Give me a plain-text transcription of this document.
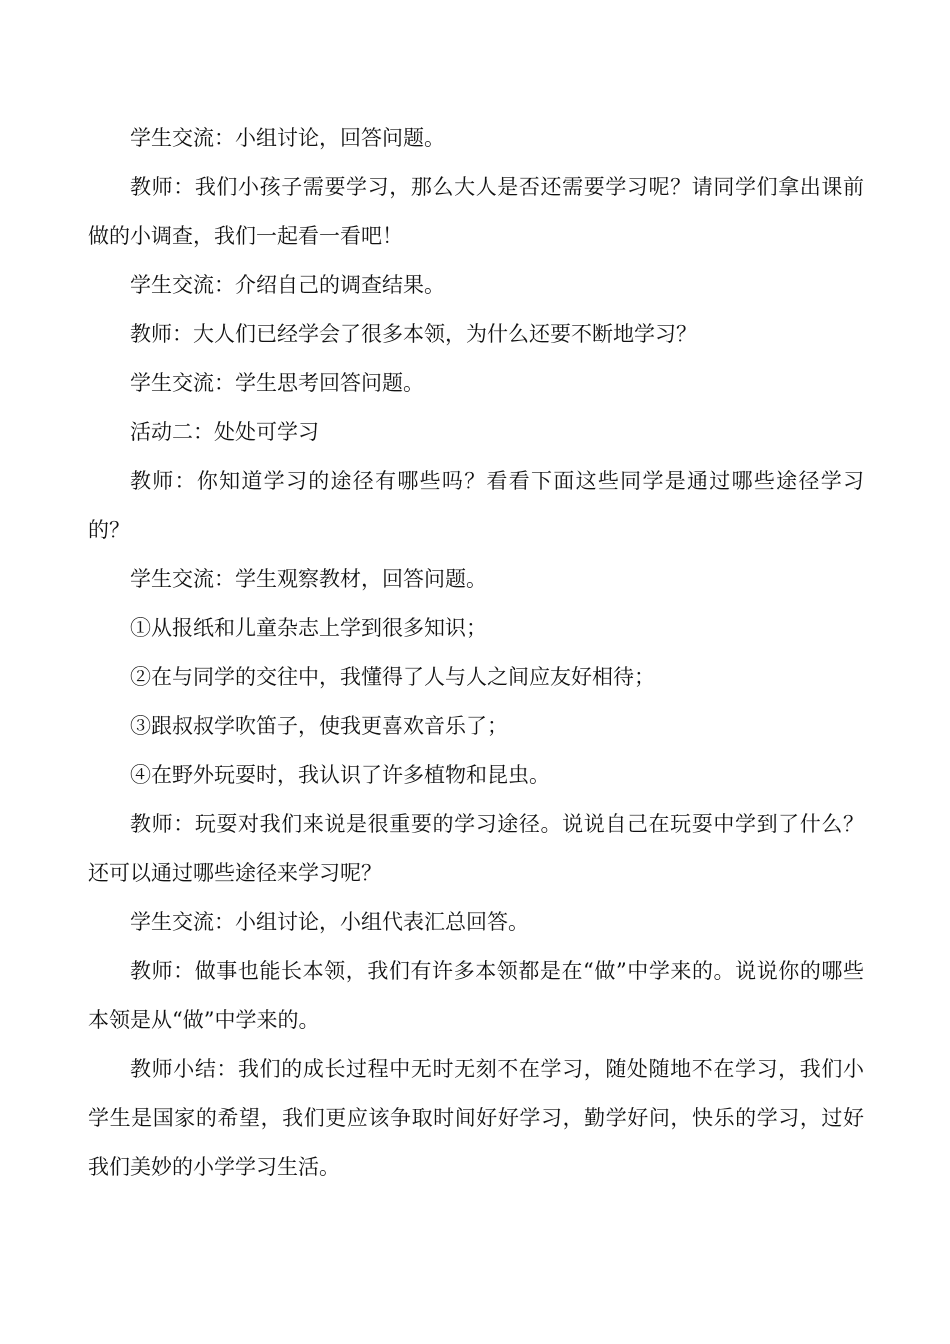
学生交流：小组讨论，回答问题。

教师：我们小孩子需要学习，那么大人是否还需要学习呢？请同学们拿出课前做的小调查，我们一起看一看吧！

学生交流：介绍自己的调查结果。

教师：大人们已经学会了很多本领，为什么还要不断地学习？

学生交流：学生思考回答问题。

活动二：处处可学习

教师：你知道学习的途径有哪些吗？看看下面这些同学是通过哪些途径学习的？

学生交流：学生观察教材，回答问题。

①从报纸和儿童杂志上学到很多知识；

②在与同学的交往中，我懂得了人与人之间应友好相待；

③跟叔叔学吹笛子，使我更喜欢音乐了；

④在野外玩耍时，我认识了许多植物和昆虫。

教师：玩耍对我们来说是很重要的学习途径。说说自己在玩耍中学到了什么？还可以通过哪些途径来学习呢？

学生交流：小组讨论，小组代表汇总回答。

教师：做事也能长本领，我们有许多本领都是在“做”中学来的。说说你的哪些本领是从“做”中学来的。

教师小结：我们的成长过程中无时无刻不在学习，随处随地不在学习，我们小学生是国家的希望，我们更应该争取时间好好学习，勤学好问，快乐的学习，过好我们美妙的小学学习生活。
